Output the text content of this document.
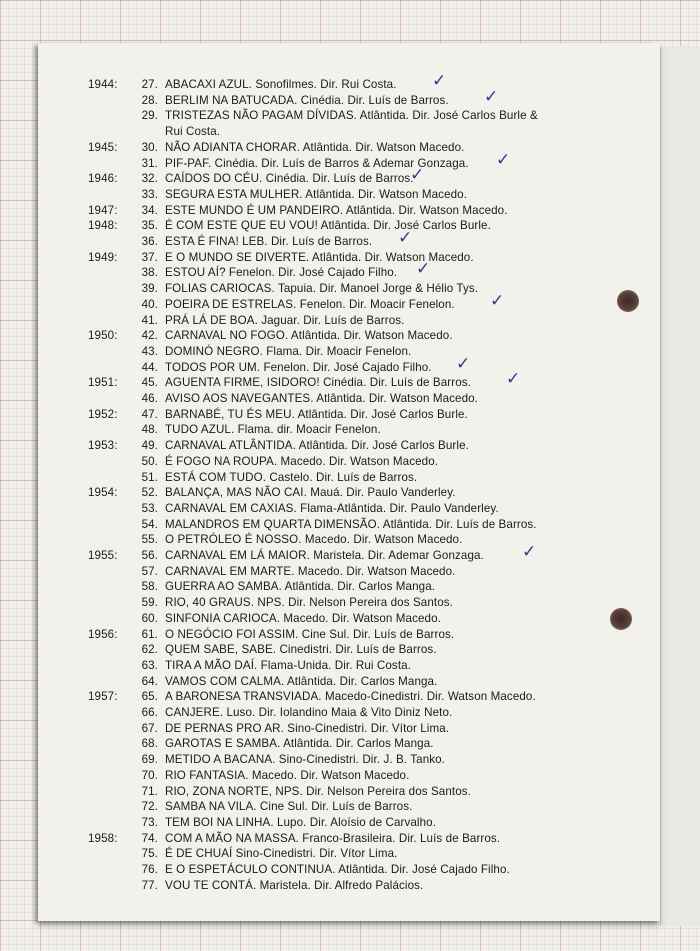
1944:	27. ABACAXI AZUL. Sonofilmes. Dir. Rui Costa. ✓
28. BERLIM NA BATUCADA. Cinédia. Dir. Luís de Barros. ✓
29. TRISTEZAS NÃO PAGAM DÍVIDAS. Atlântida. Dir. José Carlos Burle &
Rui Costa.
1945:	30. NÃO ADIANTA CHORAR. Atlântida. Dir. Watson Macedo.
31. PIF-PAF. Cinédia. Dir. Luís de Barros & Ademar Gonzaga. ✓
1946:	32. CAÍDOS DO CÉU. Cinédia. Dir. Luís de Barros.
✓
33. SEGURA ESTA MULHER. Atlântida. Dir. Watson Macedo.
1947:	34. ESTE MUNDO É UM PANDEIRO. Atlântida. Dir. Watson Macedo.
1948:	35. É COM ESTE QUE EU VOU! Atlântida. Dir. José Carlos Burle.
36. ESTA É FINA! LEB. Dir. Luís de Barros. ✓
1949:	37. E O MUNDO SE DIVERTE. Atlântida. Dir. Watson Macedo.
38. ESTOU AÍ? Fenelon. Dir. José Cajado Filho. ✓
39. FOLIAS CARIOCAS. Tapuia. Dir. Manoel Jorge & Hélio Tys.
40. POEIRA DE ESTRELAS. Fenelon. Dir. Moacir Fenelon. ✓
41. PRÁ LÁ DE BOA. Jaguar. Dir. Luís de Barros.
1950:	42. CARNAVAL NO FOGO. Atlântida. Dir. Watson Macedo.
43. DOMINÓ NEGRO. Flama. Dir. Moacir Fenelon.
44. TODOS POR UM. Fenelon. Dir. José Cajado Filho. ✓
1951:	45. AGUENTA FIRME, ISIDORO! Cinédia. Dir. Luís de Barros. ✓
46. AVISO AOS NAVEGANTES. Atlântida. Dir. Watson Macedo.
1952:	47. BARNABÉ, TU ÉS MEU. Atlântida. Dir. José Carlos Burle.
48. TUDO AZUL. Flama. dir. Moacir Fenelon.
1953:	49. CARNAVAL ATLÂNTIDA. Atlântida. Dir. José Carlos Burle.
50. É FOGO NA ROUPA. Macedo. Dir. Watson Macedo.
51. ESTÁ COM TUDO. Castelo. Dir. Luís de Barros.
1954:	52. BALANÇA, MAS NÃO CAI. Mauá. Dir. Paulo Vanderley.
53. CARNAVAL EM CAXIAS. Flama-Atlântida. Dir. Paulo Vanderley.
54. MALANDROS EM QUARTA DIMENSÃO. Atlântida. Dir. Luís de Barros.
55. O PETRÓLEO É NOSSO. Macedo. Dir. Watson Macedo.
1955:	56. CARNAVAL EM LÁ MAIOR. Maristela. Dir. Ademar Gonzaga. ✓
57. CARNAVAL EM MARTE. Macedo. Dir. Watson Macedo.
58. GUERRA AO SAMBA. Atlântida. Dir. Carlos Manga.
59. RIO, 40 GRAUS. NPS. Dir. Nelson Pereira dos Santos.
60. SINFONIA CARIOCA. Macedo. Dir. Watson Macedo.
1956:	61. O NEGÓCIO FOI ASSIM. Cine Sul. Dir. Luís de Barros.
62. QUEM SABE, SABE. Cinedistri. Dir. Luís de Barros.
63. TIRA A MÃO DAÍ. Flama-Unida. Dir. Rui Costa.
64. VAMOS COM CALMA. Atlântida. Dir. Carlos Manga.
1957:	65. A BARONESA TRANSVIADA. Macedo-Cinedistri. Dir. Watson Macedo.
66. CANJERE. Luso. Dir. Iolandino Maia & Vito Diniz Neto.
67. DE PERNAS PRO AR. Sino-Cinedistri. Dir. Vítor Lima.
68. GAROTAS E SAMBA. Atlântida. Dir. Carlos Manga.
69. METIDO A BACANA. Sino-Cinedistri. Dir. J. B. Tanko.
70. RIO FANTASIA. Macedo. Dir. Watson Macedo.
71. RIO, ZONA NORTE, NPS. Dir. Nelson Pereira dos Santos.
72. SAMBA NA VILA. Cine Sul. Dir. Luís de Barros.
73. TEM BOI NA LINHA. Lupo. Dir. Aloísio de Carvalho.
1958:	74. COM A MÃO NA MASSA. Franco-Brasileira. Dir. Luís de Barros.
75. É DE CHUAÍ Sino-Cinedistri. Dir. Vítor Lima.
76. E O ESPETÁCULO CONTINUA. Atlântida. Dir. José Cajado Filho.
77. VOU TE CONTÁ. Maristela. Dir. Alfredo Palácios.
